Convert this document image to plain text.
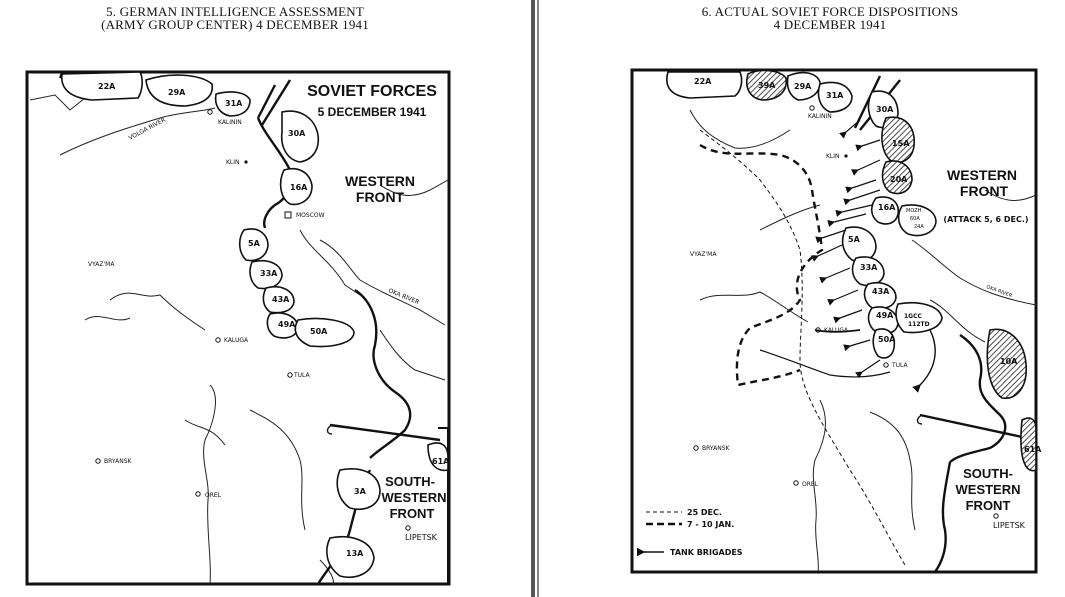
5. GERMAN INTELLIGENCE ASSESSMENT
(ARMY GROUP CENTER) 4 DECEMBER 1941
6. ACTUAL SOVIET FORCE DISPOSITIONS
4 DECEMBER 1941
SOVIET FORCES
5 DECEMBER 1941
WESTERN
FRONT
SOUTH-
WESTERN
FRONT
22A
29A
31A
30A
16A
5A
33A
43A
49A
50A
61A
3A
13A
KALININ
KLIN
MOSCOW
VYAZ'MA
KALUGA
TULA
BRYANSK
OREL
LIPETSK
VOLGA RIVER
OKA RIVER
WESTERN
FRONT
(ATTACK 5, 6 DEC.)
SOUTH-
WESTERN
FRONT
22A	39A 29A
31A
30A
1SA
20A
16A MOZH
60A
24A
5A
33A
43A
49A 1GCC
112TD
50A
10A
61A
KALININ
KLIN
VYAZ'MA
KALUGA
TULA
BRYANSK
OREL
LIPETSK
OKA RIVER
25 DEC.
7 - 10 JAN.
TANK BRIGADES
